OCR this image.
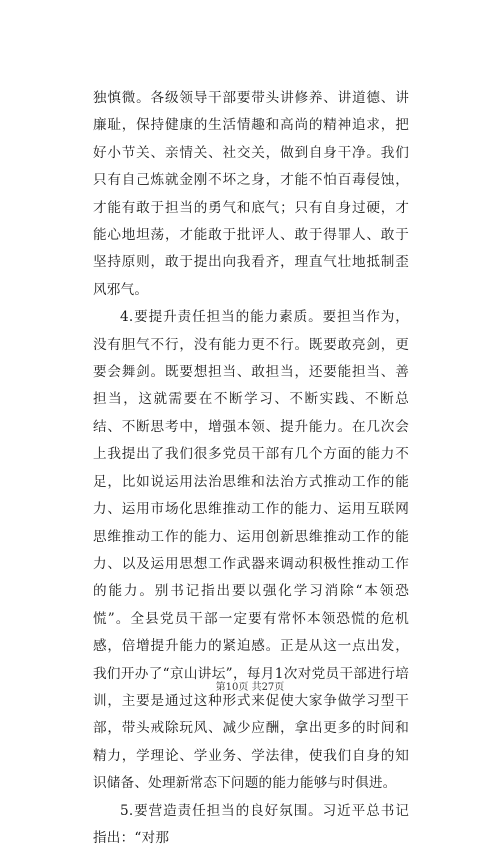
独慎微。各级领导干部要带头讲修养、讲道德、讲廉耻，保持健康的生活情趣和高尚的精神追求，把好小节关、亲情关、社交关，做到自身干净。我们只有自己炼就金刚不坏之身，才能不怕百毒侵蚀，才能有敢于担当的勇气和底气；只有自身过硬，才能心地坦荡，才能敢于批评人、敢于得罪人、敢于坚持原则，敢于提出向我看齐，理直气壮地抵制歪风邪气。

4.要提升责任担当的能力素质。要担当作为，没有胆气不行，没有能力更不行。既要敢亮剑，更要会舞剑。既要想担当、敢担当，还要能担当、善担当，这就需要在不断学习、不断实践、不断总结、不断思考中，增强本领、提升能力。在几次会上我提出了我们很多党员干部有几个方面的能力不足，比如说运用法治思维和法治方式推动工作的能力、运用市场化思维推动工作的能力、运用互联网思维推动工作的能力、运用创新思维推动工作的能力、以及运用思想工作武器来调动积极性推动工作的能力。别书记指出要以强化学习消除“本领恐慌”。全县党员干部一定要有常怀本领恐慌的危机感，倍增提升能力的紧迫感。正是从这一点出发，我们开办了“京山讲坛”，每月1次对党员干部进行培训，主要是通过这种形式来促使大家争做学习型干部，带头戒除玩风、减少应酬，拿出更多的时间和精力，学理论、学业务、学法律，使我们自身的知识储备、处理新常态下问题的能力能够与时俱进。

5.要营造责任担当的良好氛围。习近平总书记指出：“对那

第10页 共27页
